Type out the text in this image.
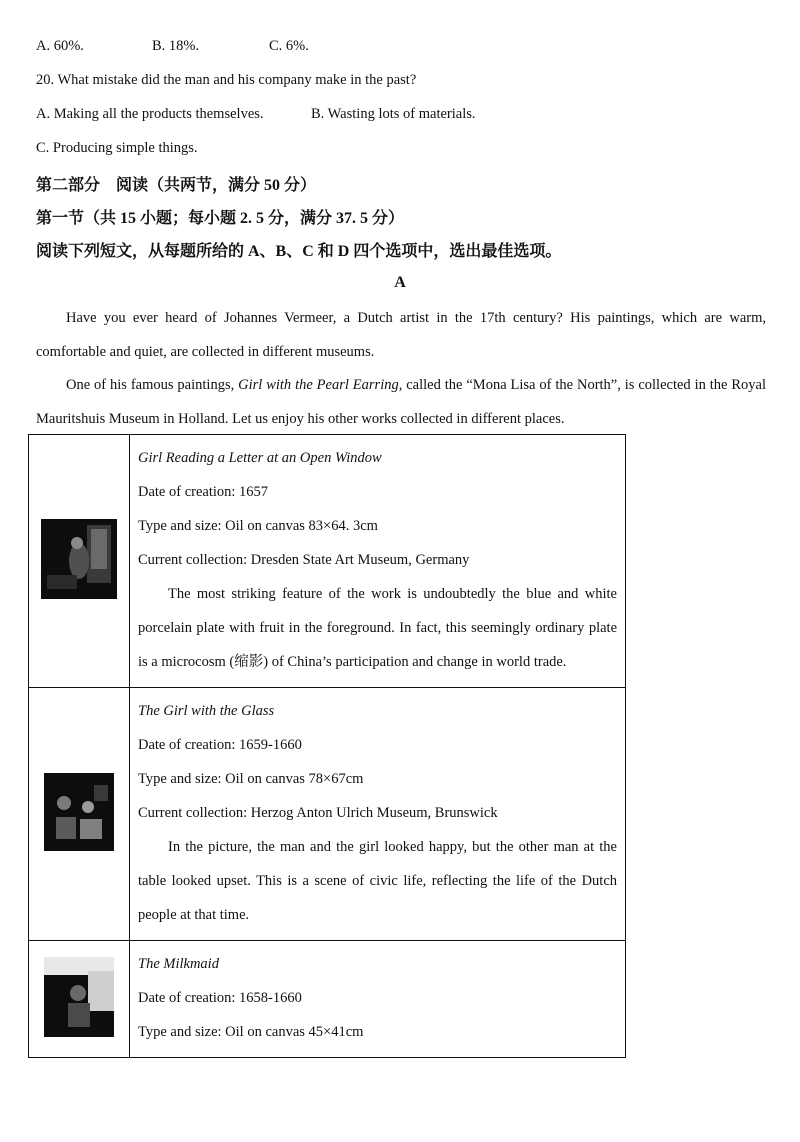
A. 60%.	B. 18%.	C. 6%.
20. What mistake did the man and his company make in the past?
A. Making all the products themselves.	B. Wasting lots of materials.
C. Producing simple things.
第二部分　阅读（共两节，满分 50 分）
第一节（共 15 小题；每小题 2. 5 分，满分 37. 5 分）
阅读下列短文，从每题所给的 A、B、C 和 D 四个选项中，选出最佳选项。
A
Have you ever heard of Johannes Vermeer, a Dutch artist in the 17th century? His paintings, which are warm, comfortable and quiet, are collected in different museums.
One of his famous paintings, Girl with the Pearl Earring, called the “Mona Lisa of the North”, is collected in the Royal Mauritshuis Museum in Holland. Let us enjoy his other works collected in different places.

Girl Reading a Letter at an Open Window
Date of creation: 1657
Type and size: Oil on canvas 83×64. 3cm
Current collection: Dresden State Art Museum, Germany
The most striking feature of the work is undoubtedly the blue and white porcelain plate with fruit in the foreground. In fact, this seemingly ordinary plate is a microcosm (缩影) of China’s participation and change in world trade.

The Girl with the Glass
Date of creation: 1659-1660
Type and size: Oil on canvas 78×67cm
Current collection: Herzog Anton Ulrich Museum, Brunswick
In the picture, the man and the girl looked happy, but the other man at the table looked upset. This is a scene of civic life, reflecting the life of the Dutch people at that time.

The Milkmaid
Date of creation: 1658-1660
Type and size: Oil on canvas 45×41cm
